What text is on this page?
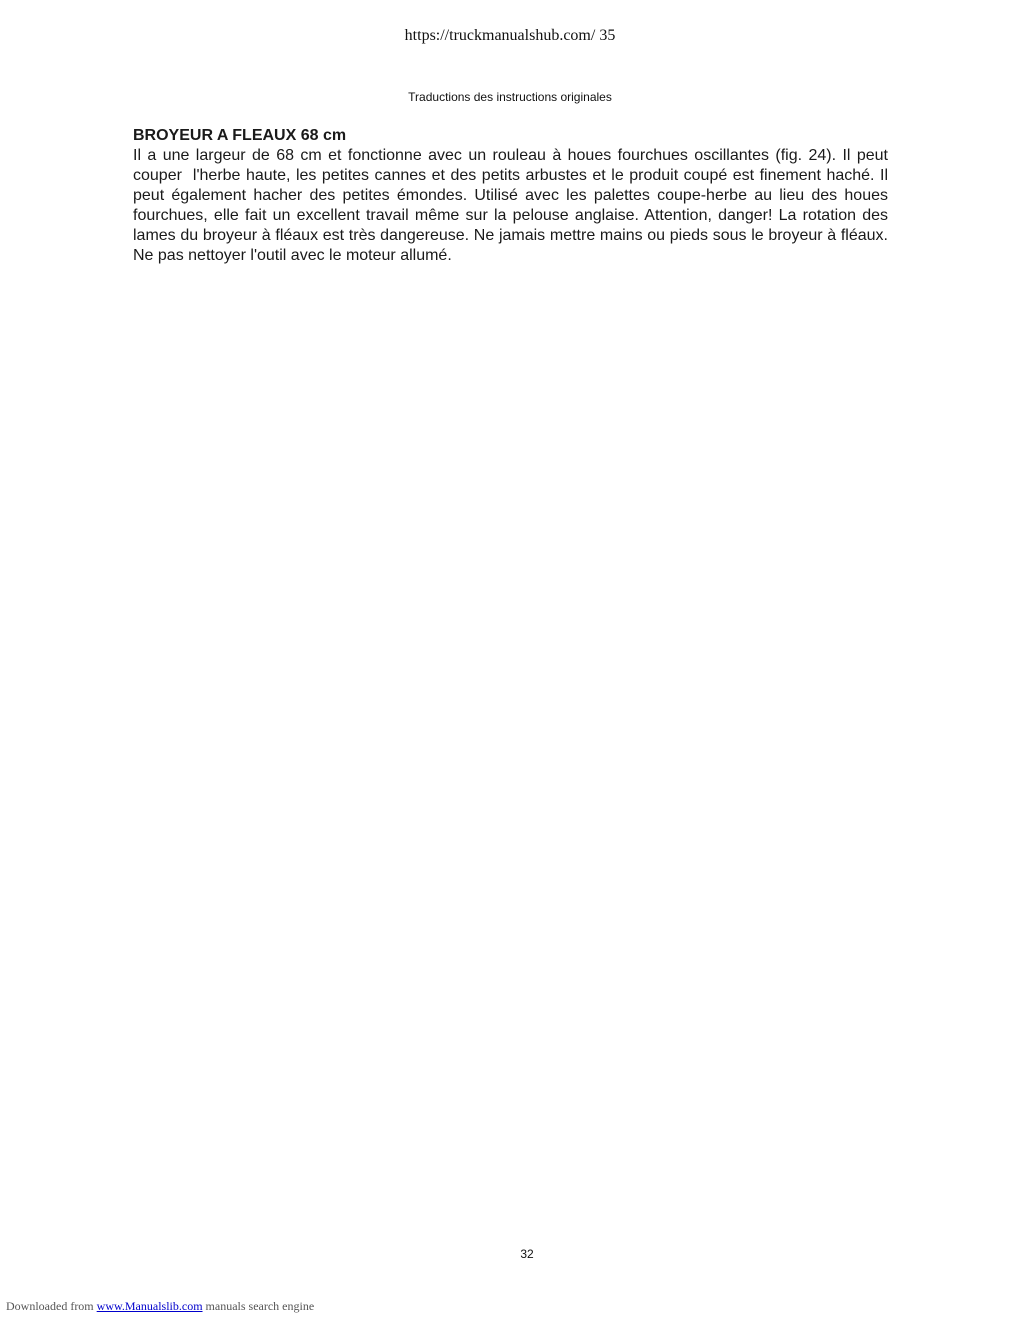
https://truckmanualshub.com/ 35
Traductions des instructions originales

BROYEUR A FLEAUX 68 cm

Il a une largeur de 68 cm et fonctionne avec un rouleau à houes fourchues oscillantes (fig. 24). Il peut couper  l'herbe haute, les petites cannes et des petits arbustes et le produit coupé est finement haché. Il peut également hacher des petites émondes. Utilisé avec les palettes coupe-herbe au lieu des houes fourchues, elle fait un excellent travail même sur la pelouse anglaise. Attention, danger! La rotation des lames du broyeur à fléaux est très dangereuse. Ne jamais mettre mains ou pieds sous le broyeur à fléaux. Ne pas nettoyer l'outil avec le moteur allumé.

32
Downloaded from www.Manualslib.com manuals search engine
